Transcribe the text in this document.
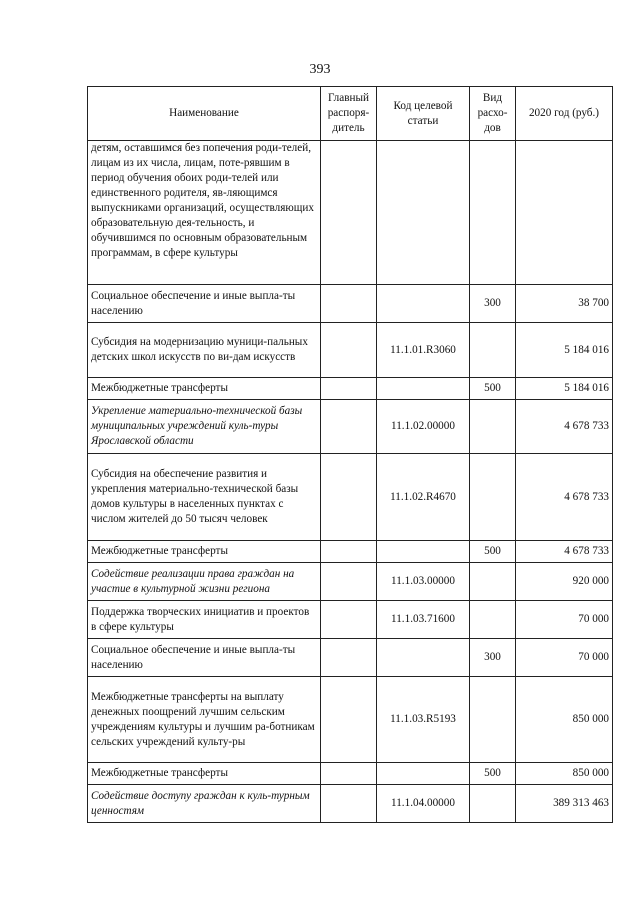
393
Наименование	Главный распоря-дитель	Код целевой статьи	Вид расхо-дов	2020 год (руб.)
детям, оставшимся без попечения роди-телей, лицам из их числа, лицам, поте-рявшим в период обучения обоих роди-телей или единственного родителя, яв-ляющимся выпускниками организаций, осуществляющих образовательную дея-тельность, и обучившимся по основным образовательным программам, в сфере культуры				
Социальное обеспечение и иные выпла-ты населению			300	38 700
Субсидия на модернизацию муници-пальных детских школ искусств по ви-дам искусств		11.1.01.R3060		5 184 016
Межбюджетные трансферты			500	5 184 016
Укрепление материально-технической базы муниципальных учреждений куль-туры Ярославской области		11.1.02.00000		4 678 733
Субсидия на обеспечение развития и укрепления материально-технической базы домов культуры в населенных пунктах с числом жителей до 50 тысяч человек		11.1.02.R4670		4 678 733
Межбюджетные трансферты			500	4 678 733
Содействие реализации права граждан на участие в культурной жизни региона		11.1.03.00000		920 000
Поддержка творческих инициатив и проектов в сфере культуры		11.1.03.71600		70 000
Социальное обеспечение и иные выпла-ты населению			300	70 000
Межбюджетные трансферты на выплату денежных поощрений лучшим сельским учреждениям культуры и лучшим ра-ботникам сельских учреждений культу-ры		11.1.03.R5193		850 000
Межбюджетные трансферты			500	850 000
Содействие доступу граждан к куль-турным ценностям		11.1.04.00000		389 313 463
